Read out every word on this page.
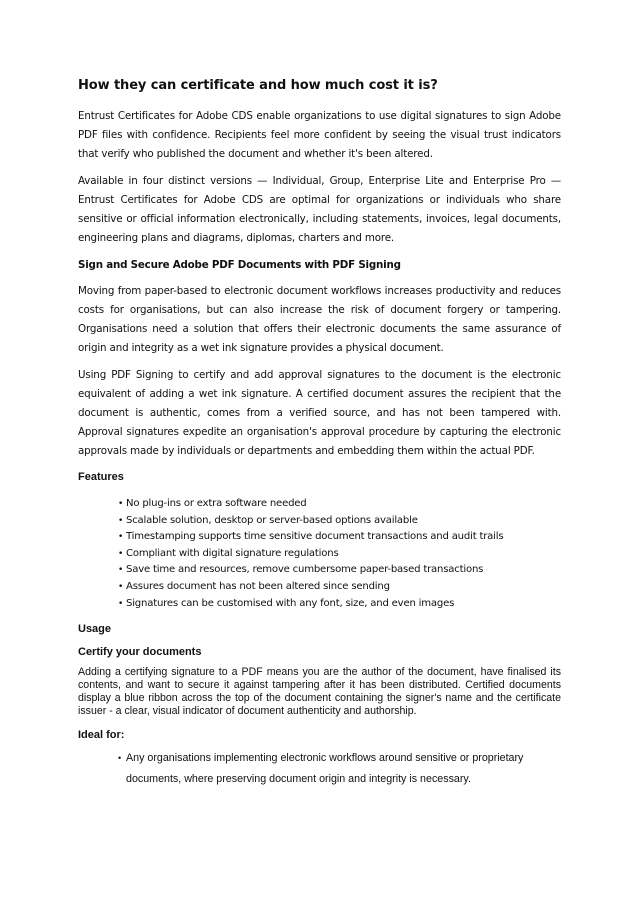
How they can certificate and how much cost it is?

Entrust Certificates for Adobe CDS enable organizations to use digital signatures to sign Adobe PDF files with confidence. Recipients feel more confident by seeing the visual trust indicators that verify who published the document and whether it's been altered.

Available in four distinct versions — Individual, Group, Enterprise Lite and Enterprise Pro — Entrust Certificates for Adobe CDS are optimal for organizations or individuals who share sensitive or official information electronically, including statements, invoices, legal documents, engineering plans and diagrams, diplomas, charters and more.

Sign and Secure Adobe PDF Documents with PDF Signing

Moving from paper-based to electronic document workflows increases productivity and reduces costs for organisations, but can also increase the risk of document forgery or tampering. Organisations need a solution that offers their electronic documents the same assurance of origin and integrity as a wet ink signature provides a physical document.

Using PDF Signing to certify and add approval signatures to the document is the electronic equivalent of adding a wet ink signature. A certified document assures the recipient that the document is authentic, comes from a verified source, and has not been tampered with. Approval signatures expedite an organisation's approval procedure by capturing the electronic approvals made by individuals or departments and embedding them within the actual PDF.

Features
• No plug-ins or extra software needed
• Scalable solution, desktop or server-based options available
• Timestamping supports time sensitive document transactions and audit trails
• Compliant with digital signature regulations
• Save time and resources, remove cumbersome paper-based transactions
• Assures document has not been altered since sending
• Signatures can be customised with any font, size, and even images
Usage
Certify your documents

Adding a certifying signature to a PDF means you are the author of the document, have finalised its contents, and want to secure it against tampering after it has been distributed. Certified documents display a blue ribbon across the top of the document containing the signer's name and the certificate issuer - a clear, visual indicator of document authenticity and authorship.

Ideal for:
• Any organisations implementing electronic workflows around sensitive or proprietary documents, where preserving document origin and integrity is necessary.
